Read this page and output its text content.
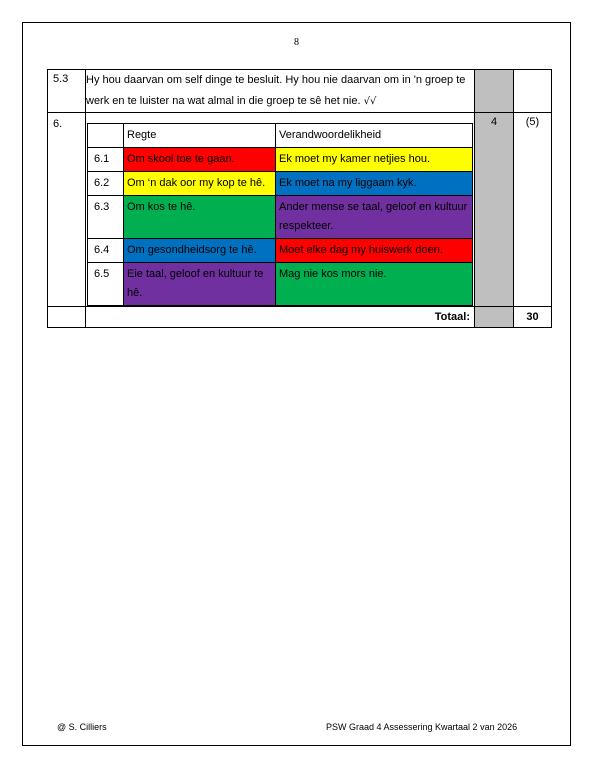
8
5.3	Hy hou daarvan om self dinge te besluit. Hy hou nie daarvan om in 'n groep te werk en te luister na wat almal in die groep te sê het nie. √√		
6.	
	Regte	Verandwoordelikheid
6.1	Om skool toe te gaan.	Ek moet my kamer netjies hou.
6.2	Om ‘n dak oor my kop te hê.	Ek moet na my liggaam kyk.
6.3	Om kos te hê.	Ander mense se taal, geloof en kultuur respekteer.
6.4	Om gesondheidsorg te hê.	Moet elke dag my huiswerk doen.
6.5	Eie taal, geloof en kultuur te hê.	Mag nie kos mors nie.
	4	(5)
	Totaal:		30
@ S. Cilliers	PSW Graad 4 Assessering Kwartaal 2 van 2026
